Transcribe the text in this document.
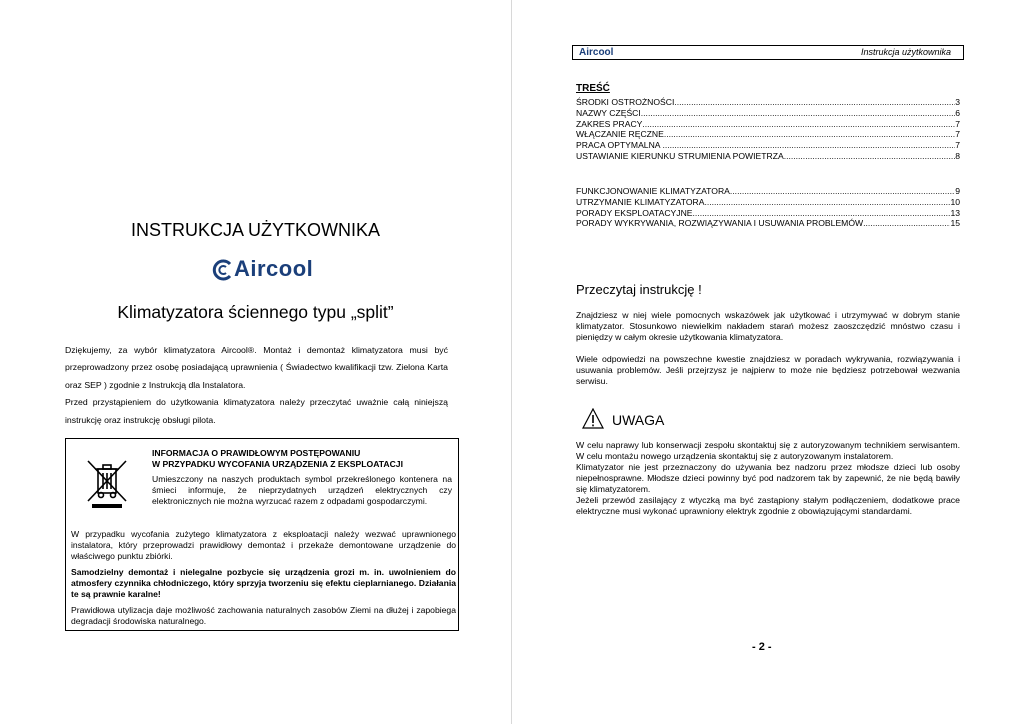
INSTRUKCJA UŻYTKOWNIKA
Aircool
Klimatyzatora ściennego typu „split”

Dziękujemy, za wybór klimatyzatora Aircool®. Montaż i demontaż klimatyzatora musi być przeprowadzony przez osobę posiadającą uprawnienia ( Świadectwo kwalifikacji tzw. Zielona Karta oraz SEP ) zgodnie z Instrukcją dla Instalatora.

Przed przystąpieniem do użytkowania klimatyzatora należy przeczytać uważnie całą niniejszą instrukcję oraz instrukcję obsługi pilota.

INFORMACJA O PRAWIDŁOWYM POSTĘPOWANIU
W PRZYPADKU WYCOFANIA URZĄDZENIA Z EKSPLOATACJI
Umieszczony na naszych produktach symbol przekreślonego kontenera na śmieci informuje, że nieprzydatnych urządzeń elektrycznych czy elektronicznych nie można wyrzucać razem z odpadami gospodarczymi.
W przypadku wycofania zużytego klimatyzatora z eksploatacji należy wezwać uprawnionego instalatora, który przeprowadzi prawidłowy demontaż i przekaże demontowane urządzenie do właściwego punktu zbiórki.
Samodzielny demontaż i nielegalne pozbycie się urządzenia grozi m. in. uwolnieniem do atmosfery czynnika chłodniczego, który sprzyja tworzeniu się efektu cieplarnianego. Działania te są prawnie karalne!
Prawidłowa utylizacja daje możliwość zachowania naturalnych zasobów Ziemi na dłużej i zapobiega degradacji środowiska naturalnego.
Aircool	Instrukcja użytkownika
TREŚĆ
ŚRODKI OSTROŻNOŚCI .....	3
NAZWY CZĘŚCI .....	6
ZAKRES PRACY .....	7
WŁĄCZANIE RĘCZNE .....	7
PRACA OPTYMALNA . .....	7
USTAWIANIE KIERUNKU STRUMIENIA POWIETRZA .....	8
FUNKCJONOWANIE KLIMATYZATORA .....	9
UTRZYMANIE KLIMATYZATORA .....	10
PORADY EKSPLOATACYJNE .....	13
PORADY WYKRYWANIA, ROZWIĄZYWANIA I USUWANIA PROBLEMÓW .....	15
Przeczytaj instrukcję !
Znajdziesz w niej wiele pomocnych wskazówek jak użytkować i utrzymywać w dobrym stanie klimatyzator. Stosunkowo niewielkim nakładem starań możesz zaoszczędzić mnóstwo czasu i pieniędzy w całym okresie użytkowania klimatyzatora.
Wiele odpowiedzi na powszechne kwestie znajdziesz w poradach wykrywania, rozwiązywania i usuwania problemów. Jeśli przejrzysz je najpierw to może nie będziesz potrzebował wezwania serwisu.
UWAGA

W celu naprawy lub konserwacji zespołu skontaktuj się z autoryzowanym technikiem serwisantem. W celu montażu nowego urządzenia skontaktuj się z autoryzowanym instalatorem.

Klimatyzator nie jest przeznaczony do używania bez nadzoru przez młodsze dzieci lub osoby niepełnosprawne. Młodsze dzieci powinny być pod nadzorem tak by zapewnić, że nie będą bawiły się klimatyzatorem.

Jeżeli przewód zasilający z wtyczką ma być zastąpiony stałym podłączeniem, dodatkowe prace elektryczne musi wykonać uprawniony elektryk zgodnie z obowiązującymi standardami.

- 2 -
